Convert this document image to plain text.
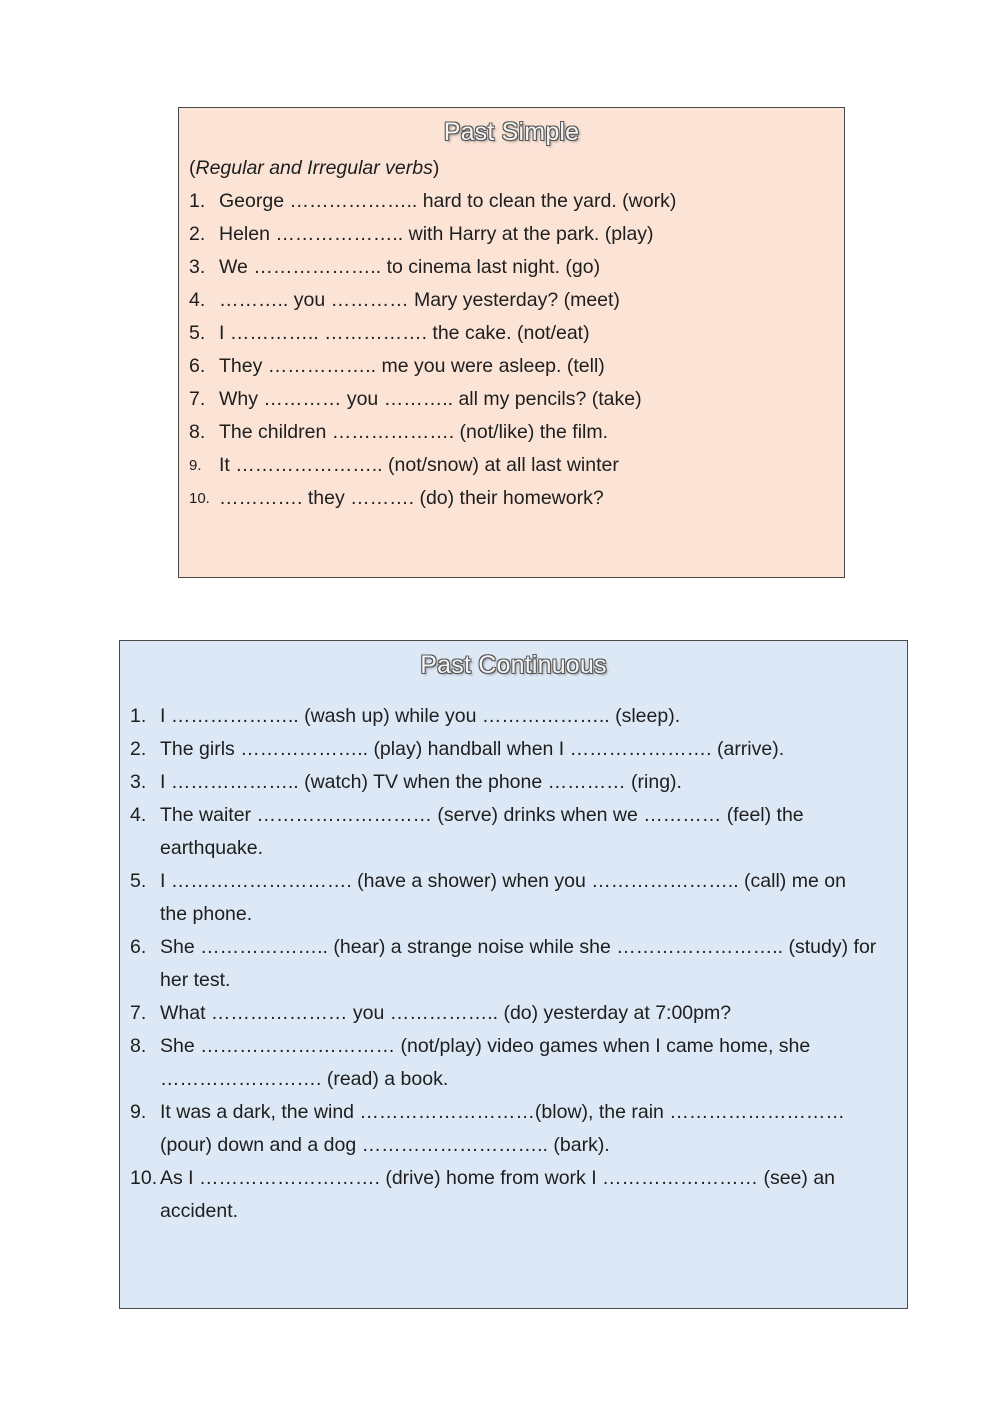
Past Simple
(Regular and Irregular verbs)
1. George ……………….. hard to clean the yard. (work)
2. Helen ……………….. with Harry at the park. (play)
3. We ……………….. to cinema last night. (go)
4. ……….. you ………… Mary yesterday? (meet)
5. I ………….. ……………. the cake. (not/eat)
6. They …………….. me you were asleep. (tell)
7. Why ………… you ……….. all my pencils? (take)
8. The children ………………. (not/like) the film.
9. It ………………….. (not/snow) at all last winter
10. …………. they ………. (do) their homework?
Past Continuous
1. I ……………….. (wash up) while you ……………….. (sleep).
2. The girls ……………….. (play) handball when I …………………. (arrive).
3. I ……………….. (watch) TV when the phone ………… (ring).
4. The waiter ……………………… (serve) drinks when we ………… (feel) the earthquake.
5. I ………………………. (have a shower) when you ………………….. (call) me on the phone.
6. She ……………….. (hear) a strange noise while she …………………….. (study) for her test.
7. What ………………… you …………….. (do) yesterday at 7:00pm?
8. She ………………………… (not/play) video games when I came home, she ……………………. (read) a book.
9. It was a dark, the wind ………………………(blow), the rain ……………………… (pour) down and a dog ……………………….. (bark).
10. As I ………………………. (drive) home from work I …………………… (see) an accident.
